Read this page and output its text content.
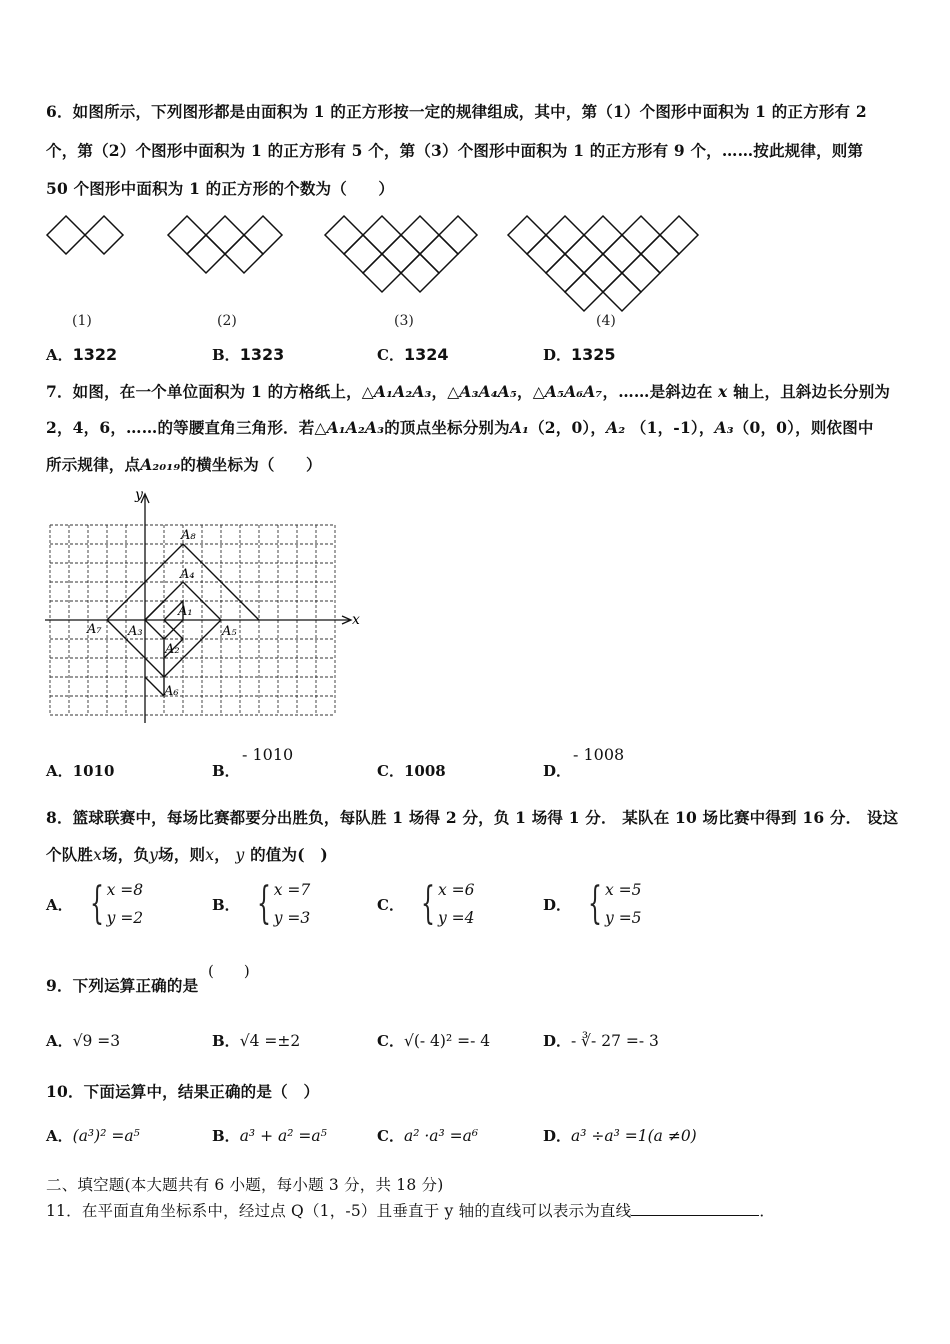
6．如图所示，下列图形都是由面积为 1 的正方形按一定的规律组成，其中，第（1）个图形中面积为 1 的正方形有 2
个，第（2）个图形中面积为 1 的正方形有 5 个，第（3）个图形中面积为 1 的正方形有 9 个，……按此规律，则第
50 个图形中面积为 1 的正方形的个数为（　　）
(1)	(2)	(3)	(4)
A．1322	B．1323	C．1324	D．1325
7．如图，在一个单位面积为 1 的方格纸上，△A₁A₂A₃，△A₃A₄A₅，△A₅A₆A₇，……是斜边在 x 轴上，且斜边长分别为
2，4，6，……的等腰直角三角形．若△A₁A₂A₃的顶点坐标分别为A₁（2，0），A₂ （1，-1），A₃（0，0），则依图中
所示规律，点A₂₀₁₉的横坐标为（　　）
y
x
A₁
A₂
A₃
A₄
A₅
A₆
A₇
A₈
A．1010	B．
- 1010
C．1008	D．
- 1008
8．篮球联赛中，每场比赛都要分出胜负，每队胜 1 场得 2 分，负 1 场得 1 分． 某队在 10 场比赛中得到 16 分． 设这
个队胜x场，负y场，则x， y 的值为(　)
A． { x =8
y =2
B． { x =7
y =3
C． { x =6
y =4
D． { x =5
y =5
9．下列运算正确的是
(　　)
A．√9 =3	B．√4 =±2	C．√(- 4)² =- 4	D．- ∛- 27 =- 3
10．下面运算中，结果正确的是（　）
A．(a³)² =a⁵	B．a³ + a² =a⁵	C．a² ·a³ =a⁶	D．a³ ÷a³ =1(a ≠0)
二、填空题(本大题共有 6 小题，每小题 3 分，共 18 分)
11．在平面直角坐标系中，经过点 Q（1，-5）且垂直于 y 轴的直线可以表示为直线	．
